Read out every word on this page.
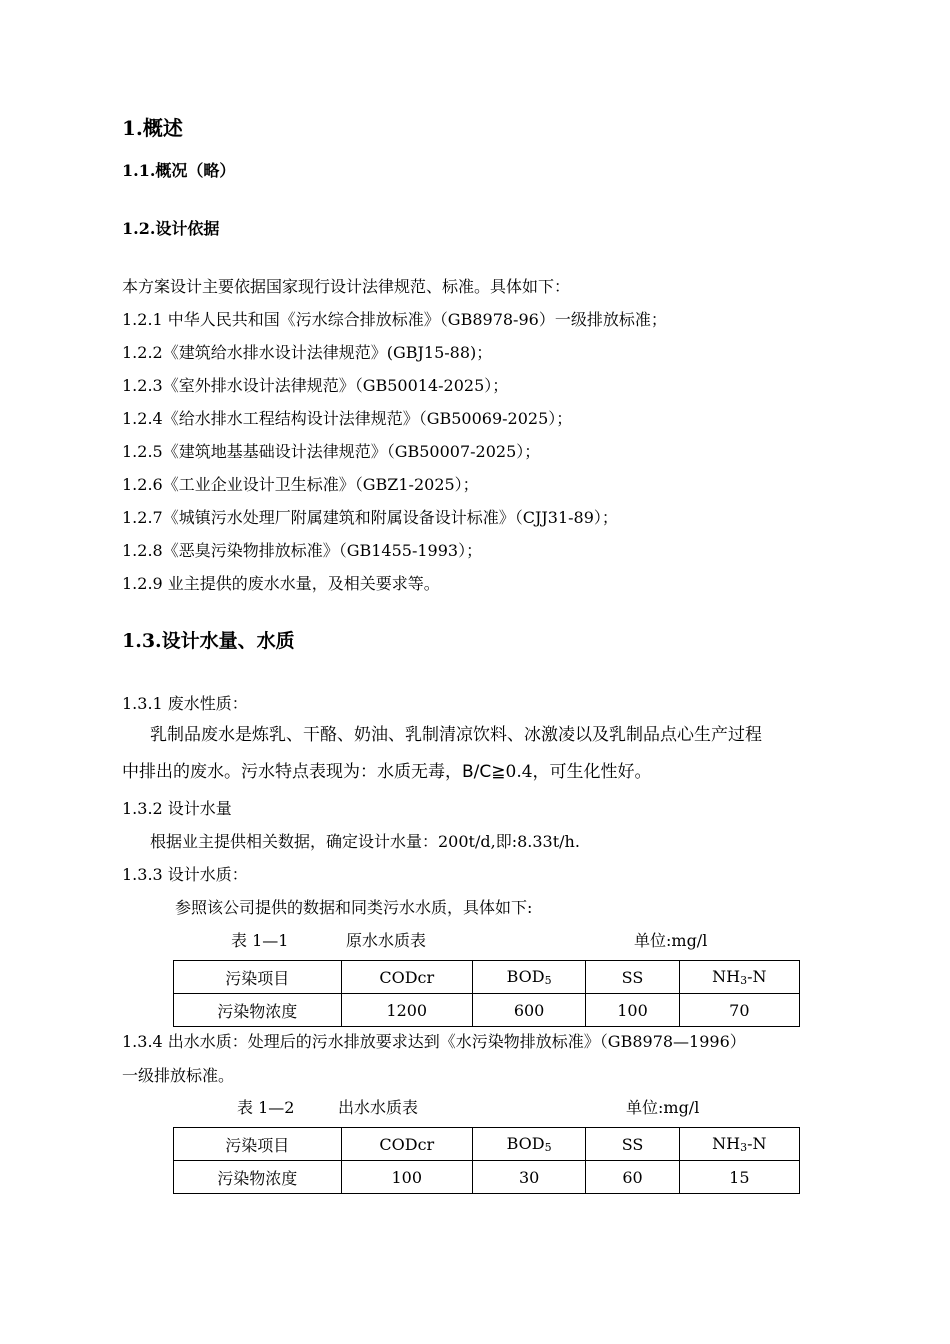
1.概述
1.1.概况（略）
1.2.设计依据
本方案设计主要依据国家现行设计法律规范、标准。具体如下：
1.2.1 中华人民共和国《污水综合排放标准》（GB8978-96）一级排放标准；
1.2.2《建筑给水排水设计法律规范》(GBJ15-88)；
1.2.3《室外排水设计法律规范》（GB50014-2025）；
1.2.4《给水排水工程结构设计法律规范》（GB50069-2025）；
1.2.5《建筑地基基础设计法律规范》（GB50007-2025）；
1.2.6《工业企业设计卫生标准》（GBZ1-2025）；
1.2.7《城镇污水处理厂附属建筑和附属设备设计标准》（CJJ31-89）；
1.2.8《恶臭污染物排放标准》（GB1455-1993）；
1.2.9 业主提供的废水水量，及相关要求等。
1.3.设计水量、水质
1.3.1 废水性质：
乳制品废水是炼乳、干酪、奶油、乳制清凉饮料、冰激凌以及乳制品点心生产过程
中排出的废水。污水特点表现为：水质无毒，B/C≧0.4，可生化性好。
1.3.2 设计水量
根据业主提供相关数据，确定设计水量：200t/d,即:8.33t/h.
1.3.3 设计水质：
参照该公司提供的数据和同类污水水质，具体如下:
表 1—1	原水水质表	单位:mg/l
污染项目	CODcr	BOD5	SS	NH3-N
污染物浓度	1200	600	100	70
1.3.4 出水水质：处理后的污水排放要求达到《水污染物排放标准》（GB8978—1996）
一级排放标准。
表 1—2	出水水质表	单位:mg/l
污染项目	CODcr	BOD5	SS	NH3-N
污染物浓度	100	30	60	15
